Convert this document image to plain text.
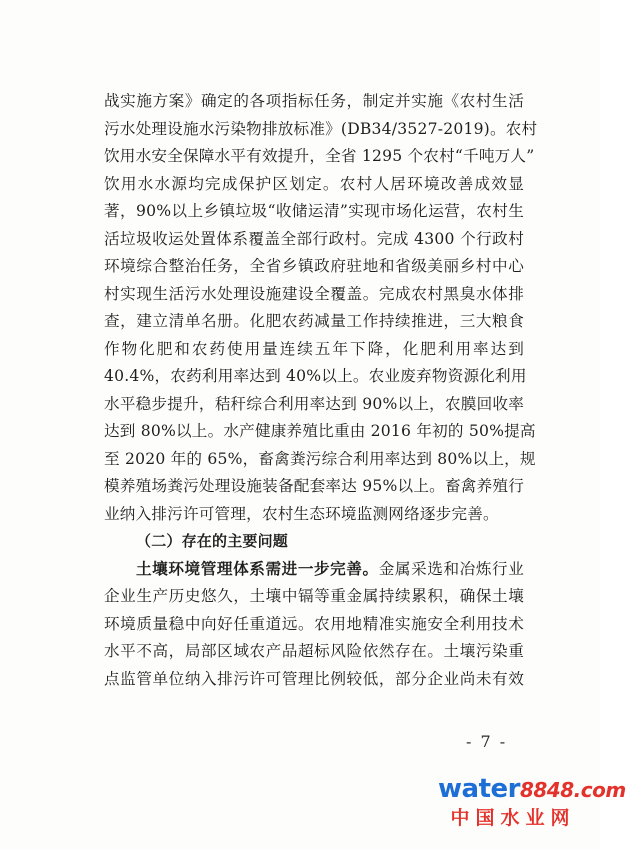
战实施方案》确定的各项指标任务，制定并实施《农村生活
污水处理设施水污染物排放标准》(DB34/3527-2019)。农村
饮用水安全保障水平有效提升，全省 1295 个农村“千吨万人”
饮用水水源均完成保护区划定。农村人居环境改善成效显
著，90%以上乡镇垃圾“收储运清”实现市场化运营，农村生
活垃圾收运处置体系覆盖全部行政村。完成 4300 个行政村
环境综合整治任务，全省乡镇政府驻地和省级美丽乡村中心
村实现生活污水处理设施建设全覆盖。完成农村黑臭水体排
查，建立清单名册。化肥农药减量工作持续推进，三大粮食
作物化肥和农药使用量连续五年下降，化肥利用率达到
40.4%，农药利用率达到 40%以上。农业废弃物资源化利用
水平稳步提升，秸秆综合利用率达到 90%以上，农膜回收率
达到 80%以上。水产健康养殖比重由 2016 年初的 50%提高
至 2020 年的 65%，畜禽粪污综合利用率达到 80%以上，规
模养殖场粪污处理设施装备配套率达 95%以上。畜禽养殖行
业纳入排污许可管理，农村生态环境监测网络逐步完善。
（二）存在的主要问题
土壤环境管理体系需进一步完善。金属采选和冶炼行业
企业生产历史悠久，土壤中镉等重金属持续累积，确保土壤
环境质量稳中向好任重道远。农用地精准实施安全利用技术
水平不高，局部区域农产品超标风险依然存在。土壤污染重
点监管单位纳入排污许可管理比例较低，部分企业尚未有效
- 7 -
water8848.com
中国水业网
